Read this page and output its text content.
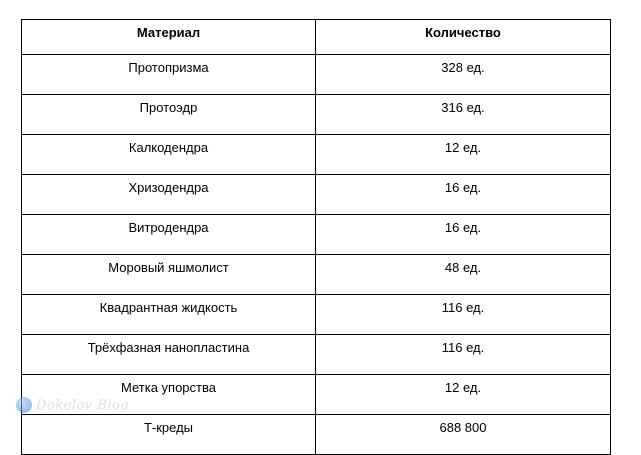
Материал	Количество
Протопризма	328 ед.
Протоэдр	316 ед.
Калкодендра	12 ед.
Хризодендра	16 ед.
Витродендра	16 ед.
Моровый яшмолист	48 ед.
Квадрантная жидкость	116 ед.
Трёхфазная нанопластина	116 ед.
Метка упорства	12 ед.
Т-креды	688 800
Dokelov Blog
